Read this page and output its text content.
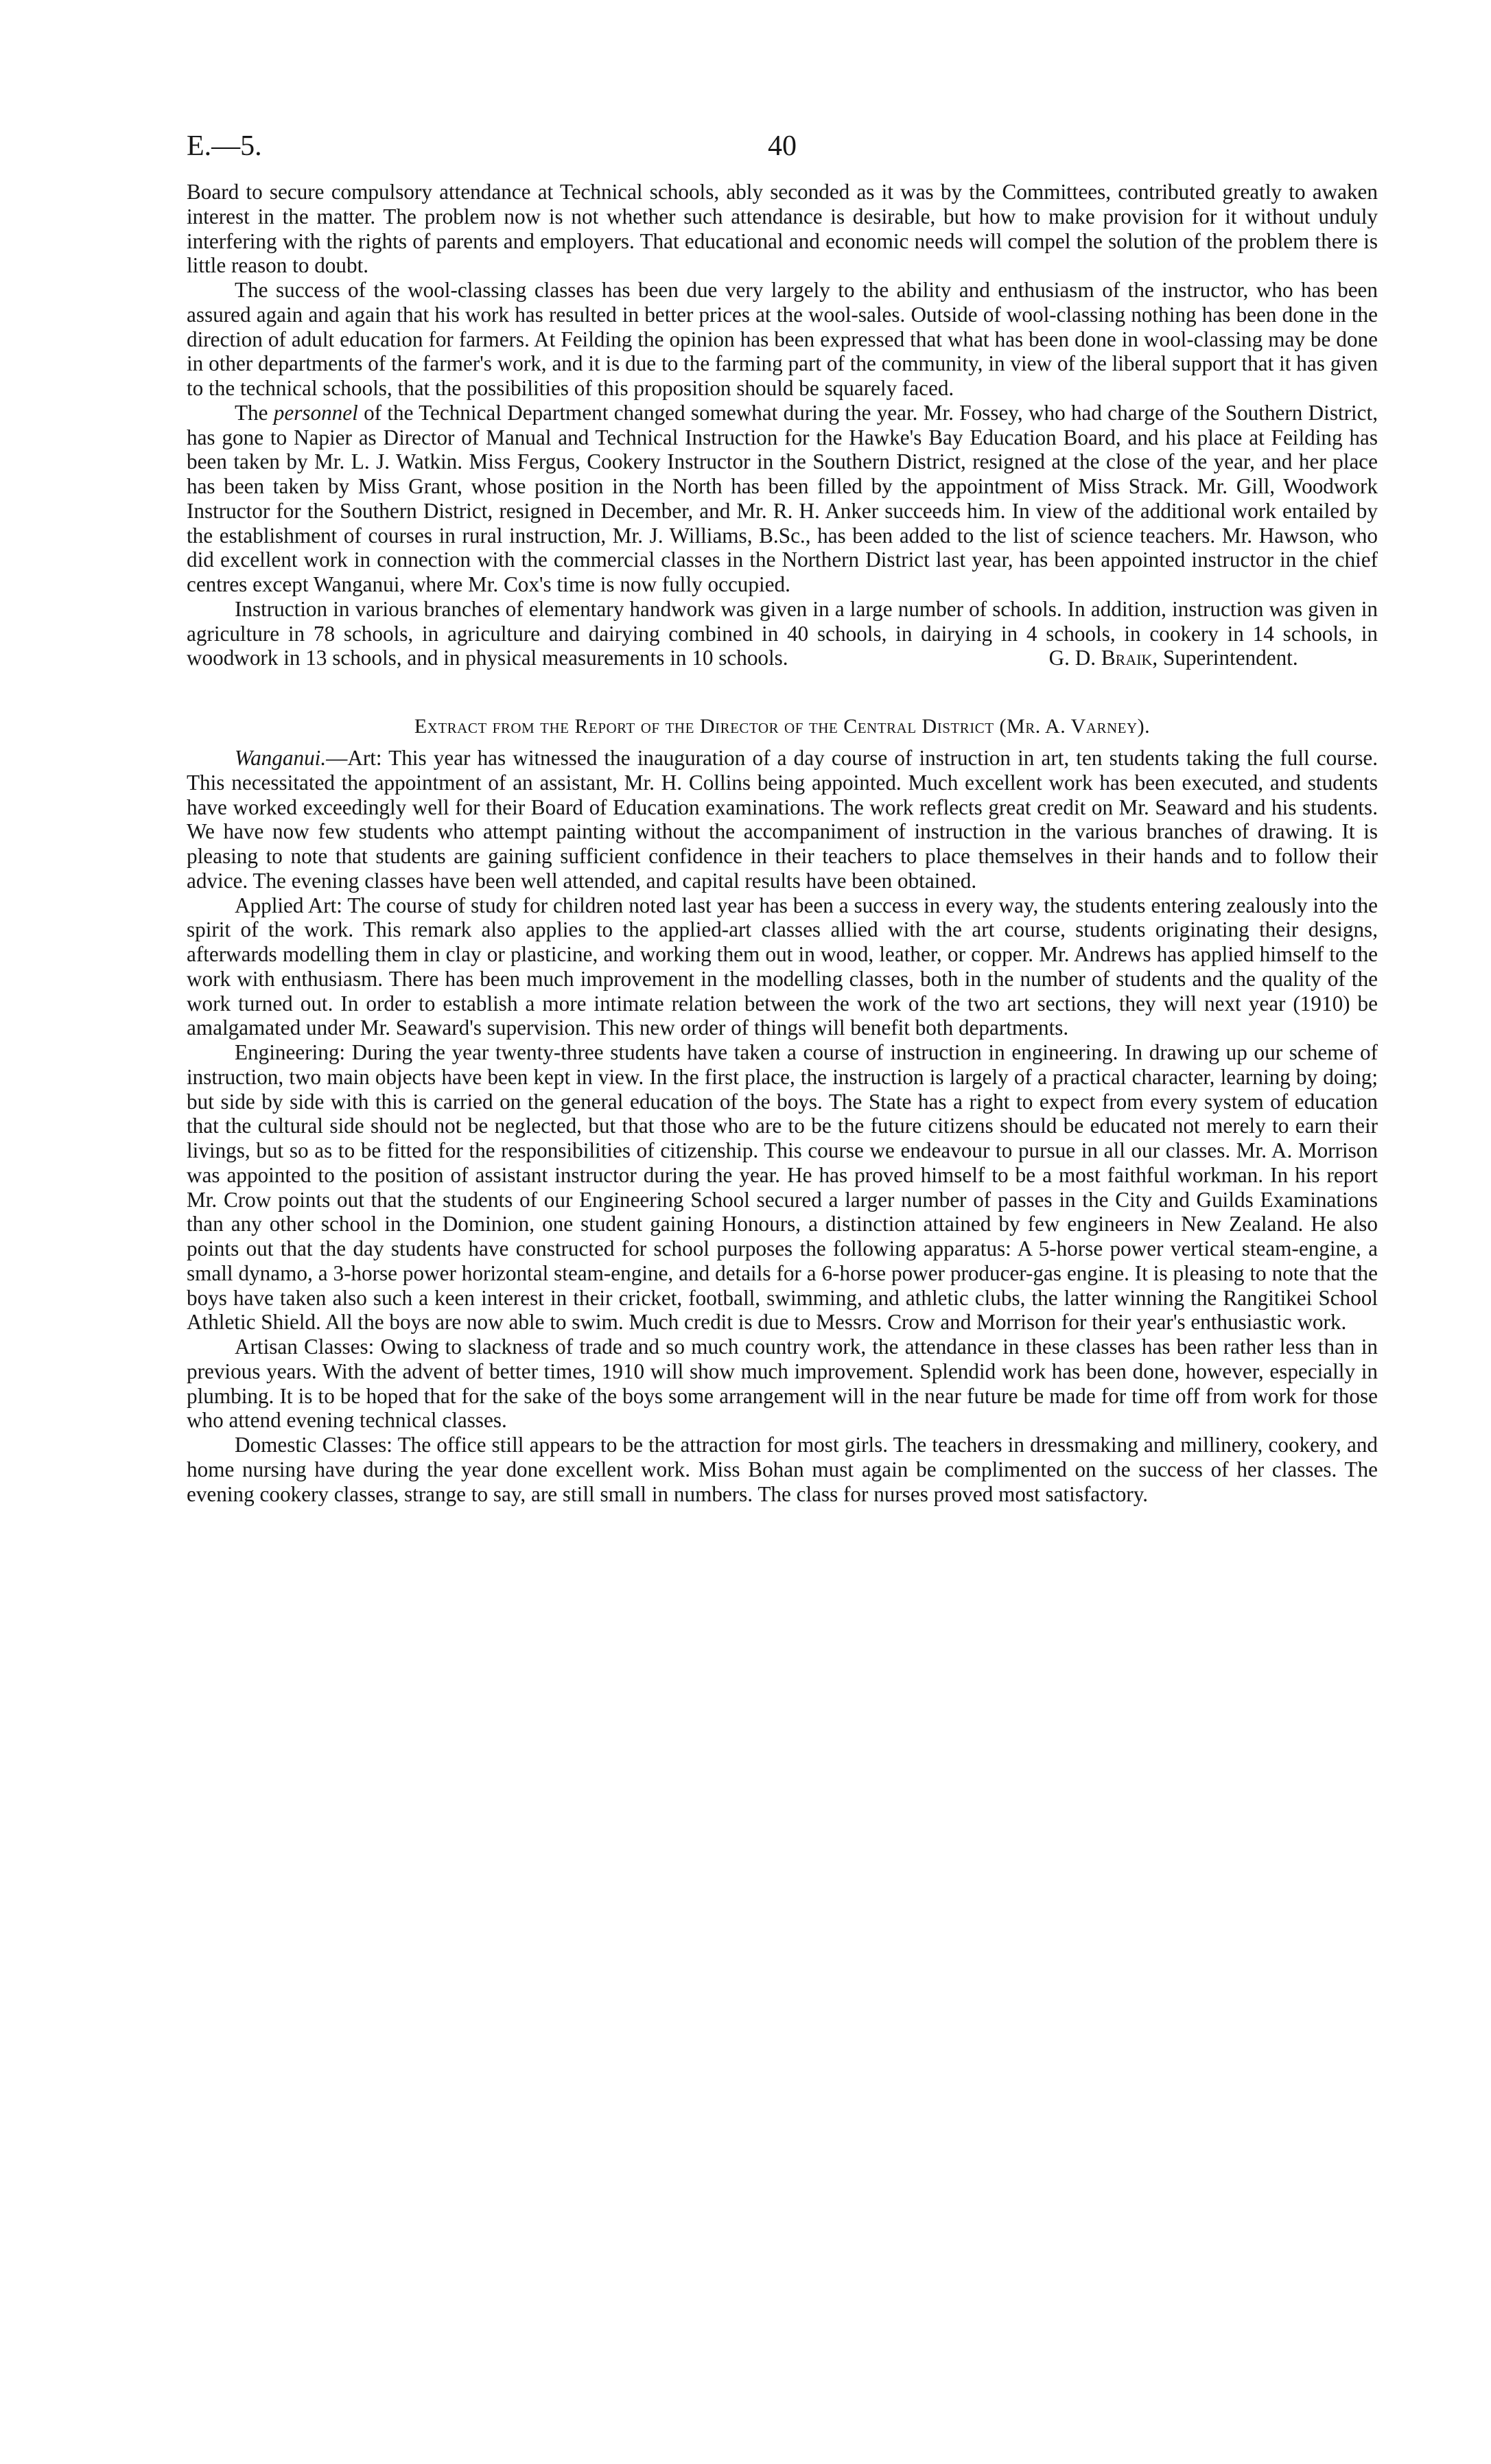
E.—5.	40

Board to secure compulsory attendance at Technical schools, ably seconded as it was by the Committees, contributed greatly to awaken interest in the matter. The problem now is not whether such attendance is desirable, but how to make provision for it without unduly interfering with the rights of parents and employers. That educational and economic needs will compel the solution of the problem there is little reason to doubt.

The success of the wool-classing classes has been due very largely to the ability and enthusiasm of the instructor, who has been assured again and again that his work has resulted in better prices at the wool-sales. Outside of wool-classing nothing has been done in the direction of adult education for farmers. At Feilding the opinion has been expressed that what has been done in wool-classing may be done in other departments of the farmer's work, and it is due to the farming part of the community, in view of the liberal support that it has given to the technical schools, that the possibilities of this proposition should be squarely faced.

The personnel of the Technical Department changed somewhat during the year. Mr. Fossey, who had charge of the Southern District, has gone to Napier as Director of Manual and Technical Instruction for the Hawke's Bay Education Board, and his place at Feilding has been taken by Mr. L. J. Watkin. Miss Fergus, Cookery Instructor in the Southern District, resigned at the close of the year, and her place has been taken by Miss Grant, whose position in the North has been filled by the appointment of Miss Strack. Mr. Gill, Woodwork Instructor for the Southern District, resigned in December, and Mr. R. H. Anker succeeds him. In view of the additional work entailed by the establishment of courses in rural instruction, Mr. J. Williams, B.Sc., has been added to the list of science teachers. Mr. Hawson, who did excellent work in connection with the commercial classes in the Northern District last year, has been appointed instructor in the chief centres except Wanganui, where Mr. Cox's time is now fully occupied.

Instruction in various branches of elementary handwork was given in a large number of schools. In addition, instruction was given in agriculture in 78 schools, in agriculture and dairying combined in 40 schools, in dairying in 4 schools, in cookery in 14 schools, in woodwork in 13 schools, and in physical measurements in 10 schools.	G. D. Braik, Superintendent.

Extract from the Report of the Director of the Central District (Mr. A. Varney).

Wanganui.—Art: This year has witnessed the inauguration of a day course of instruction in art, ten students taking the full course. This necessitated the appointment of an assistant, Mr. H. Collins being appointed. Much excellent work has been executed, and students have worked exceedingly well for their Board of Education examinations. The work reflects great credit on Mr. Seaward and his students. We have now few students who attempt painting without the accompaniment of instruction in the various branches of drawing. It is pleasing to note that students are gaining sufficient confidence in their teachers to place themselves in their hands and to follow their advice. The evening classes have been well attended, and capital results have been obtained.

Applied Art: The course of study for children noted last year has been a success in every way, the students entering zealously into the spirit of the work. This remark also applies to the applied-art classes allied with the art course, students originating their designs, afterwards modelling them in clay or plasticine, and working them out in wood, leather, or copper. Mr. Andrews has applied himself to the work with enthusiasm. There has been much improvement in the modelling classes, both in the number of students and the quality of the work turned out. In order to establish a more intimate relation between the work of the two art sections, they will next year (1910) be amalgamated under Mr. Seaward's supervision. This new order of things will benefit both departments.

Engineering: During the year twenty-three students have taken a course of instruction in engineering. In drawing up our scheme of instruction, two main objects have been kept in view. In the first place, the instruction is largely of a practical character, learning by doing; but side by side with this is carried on the general education of the boys. The State has a right to expect from every system of education that the cultural side should not be neglected, but that those who are to be the future citizens should be educated not merely to earn their livings, but so as to be fitted for the responsibilities of citizenship. This course we endeavour to pursue in all our classes. Mr. A. Morrison was appointed to the position of assistant instructor during the year. He has proved himself to be a most faithful workman. In his report Mr. Crow points out that the students of our Engineering School secured a larger number of passes in the City and Guilds Examinations than any other school in the Dominion, one student gaining Honours, a distinction attained by few engineers in New Zealand. He also points out that the day students have constructed for school purposes the following apparatus: A 5-horse power vertical steam-engine, a small dynamo, a 3-horse power horizontal steam-engine, and details for a 6-horse power producer-gas engine. It is pleasing to note that the boys have taken also such a keen interest in their cricket, football, swimming, and athletic clubs, the latter winning the Rangitikei School Athletic Shield. All the boys are now able to swim. Much credit is due to Messrs. Crow and Morrison for their year's enthusiastic work.

Artisan Classes: Owing to slackness of trade and so much country work, the attendance in these classes has been rather less than in previous years. With the advent of better times, 1910 will show much improvement. Splendid work has been done, however, especially in plumbing. It is to be hoped that for the sake of the boys some arrangement will in the near future be made for time off from work for those who attend evening technical classes.

Domestic Classes: The office still appears to be the attraction for most girls. The teachers in dressmaking and millinery, cookery, and home nursing have during the year done excellent work. Miss Bohan must again be complimented on the success of her classes. The evening cookery classes, strange to say, are still small in numbers. The class for nurses proved most satisfactory.
